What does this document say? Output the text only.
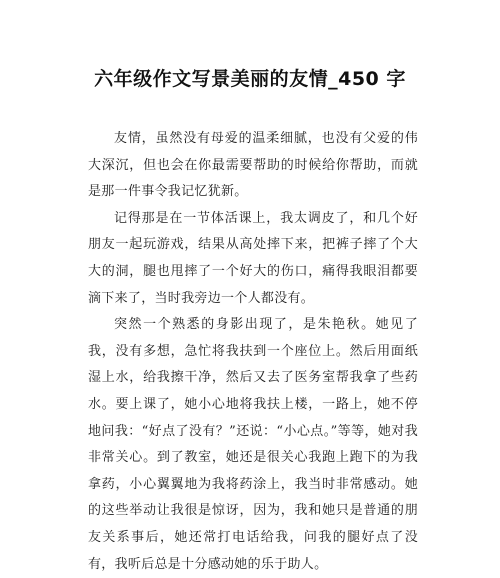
六年级作文写景美丽的友情_450 字

友情，虽然没有母爱的温柔细腻，也没有父爱的伟大深沉，但也会在你最需要帮助的时候给你帮助，而就是那一件事令我记忆犹新。

记得那是在一节体活课上，我太调皮了，和几个好朋友一起玩游戏，结果从高处摔下来，把裤子摔了个大大的洞，腿也甩摔了一个好大的伤口，痛得我眼泪都要滴下来了，当时我旁边一个人都没有。

突然一个熟悉的身影出现了，是朱艳秋。她见了我，没有多想，急忙将我扶到一个座位上。然后用面纸湿上水，给我擦干净，然后又去了医务室帮我拿了些药水。要上课了，她小心地将我扶上楼，一路上，她不停地问我：“好点了没有？”还说：“小心点。”等等，她对我非常关心。到了教室，她还是很关心我跑上跑下的为我拿药，小心翼翼地为我将药涂上，我当时非常感动。她的这些举动让我很是惊讶，因为，我和她只是普通的朋友关系事后，她还常打电话给我，问我的腿好点了没有，我听后总是十分感动她的乐于助人。
